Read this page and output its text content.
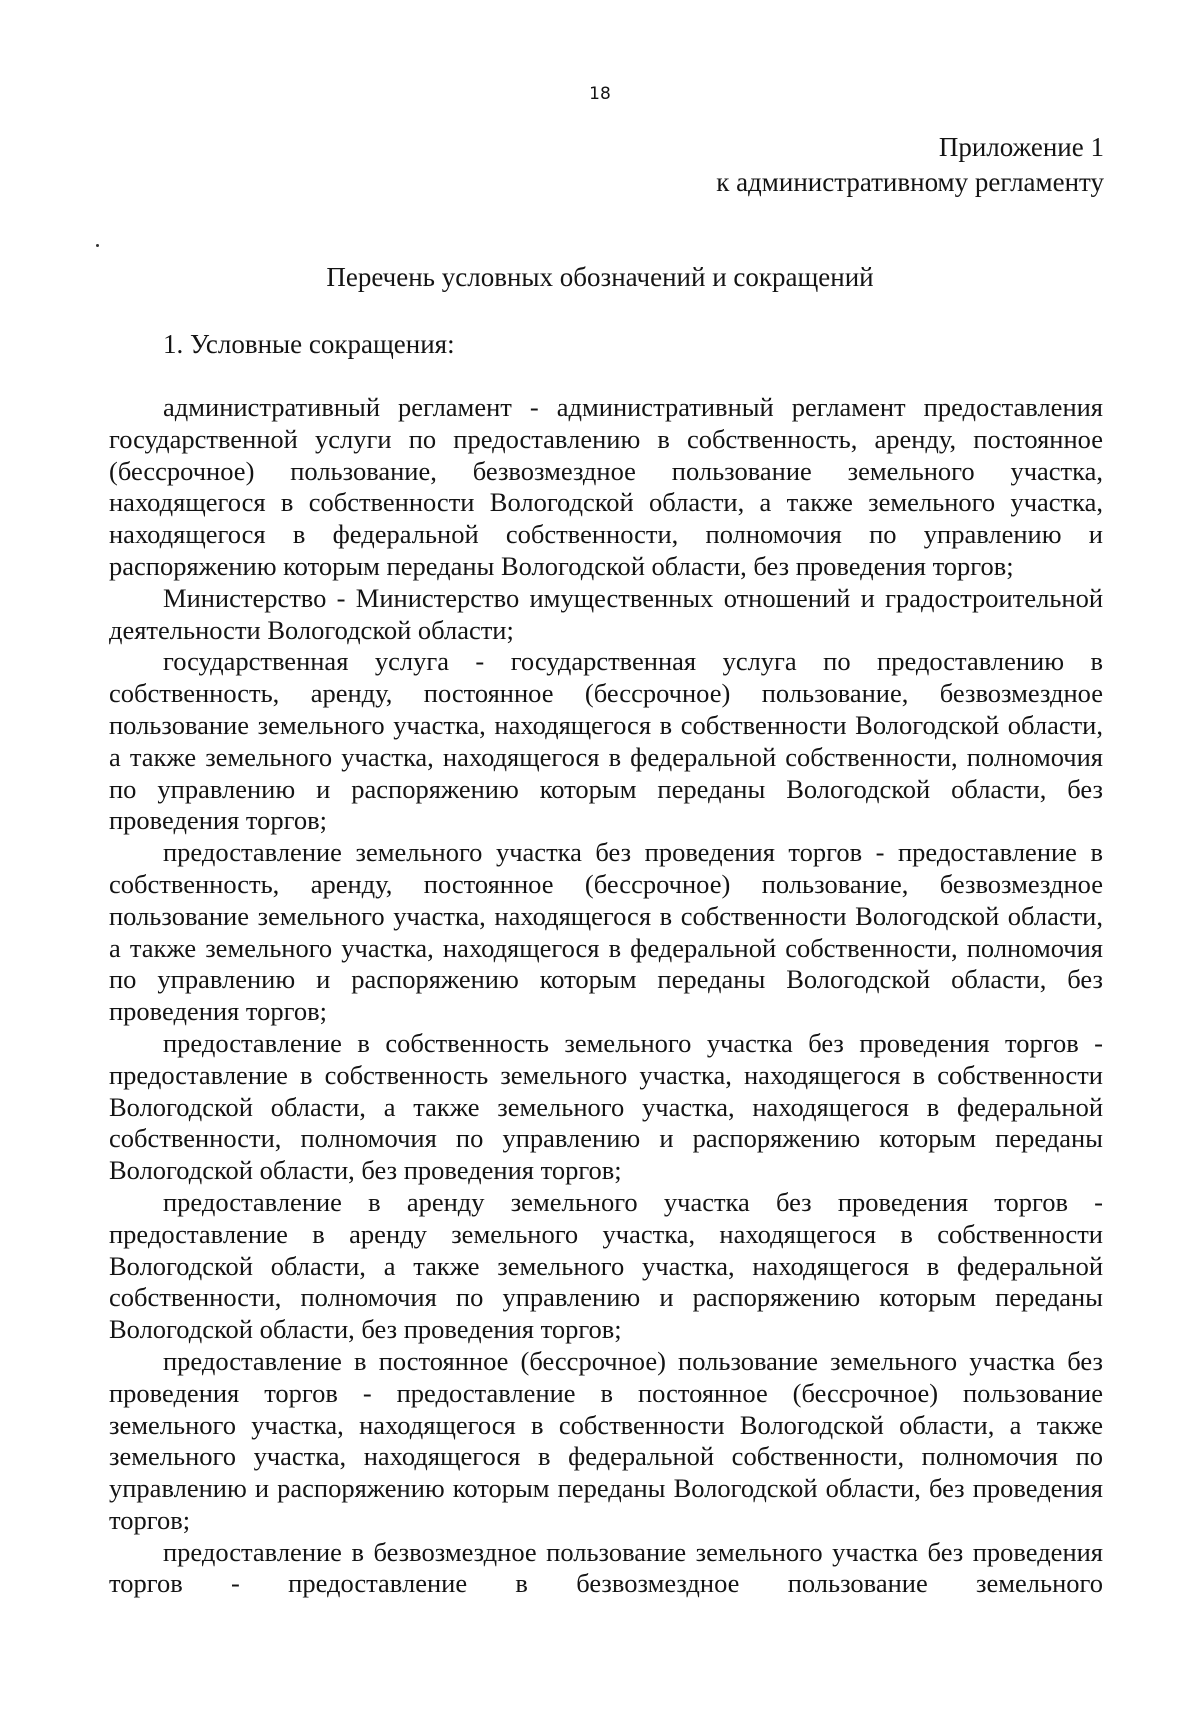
18
Приложение 1
к административному регламенту
Перечень условных обозначений и сокращений
1. Условные сокращения:

административный регламент - административный регламент предоставления государственной услуги по предоставлению в собственность, аренду, постоянное (бессрочное) пользование, безвозмездное пользование земельного участка, находящегося в собственности Вологодской области, а также земельного участка, находящегося в федеральной собственности, полномочия по управлению и распоряжению которым переданы Вологодской области, без проведения торгов;

Министерство - Министерство имущественных отношений и градостроительной деятельности Вологодской области;

государственная услуга - государственная услуга по предоставлению в собственность, аренду, постоянное (бессрочное) пользование, безвозмездное пользование земельного участка, находящегося в собственности Вологодской области, а также земельного участка, находящегося в федеральной собственности, полномочия по управлению и распоряжению которым переданы Вологодской области, без проведения торгов;

предоставление земельного участка без проведения торгов - предоставление в собственность, аренду, постоянное (бессрочное) пользование, безвозмездное пользование земельного участка, находящегося в собственности Вологодской области, а также земельного участка, находящегося в федеральной собственности, полномочия по управлению и распоряжению которым переданы Вологодской области, без проведения торгов;

предоставление в собственность земельного участка без проведения торгов - предоставление в собственность земельного участка, находящегося в собственности Вологодской области, а также земельного участка, находящегося в федеральной собственности, полномочия по управлению и распоряжению которым переданы Вологодской области, без проведения торгов;

предоставление в аренду земельного участка без проведения торгов - предоставление в аренду земельного участка, находящегося в собственности Вологодской области, а также земельного участка, находящегося в федеральной собственности, полномочия по управлению и распоряжению которым переданы Вологодской области, без проведения торгов;

предоставление в постоянное (бессрочное) пользование земельного участка без проведения торгов - предоставление в постоянное (бессрочное) пользование земельного участка, находящегося в собственности Вологодской области, а также земельного участка, находящегося в федеральной собственности, полномочия по управлению и распоряжению которым переданы Вологодской области, без проведения торгов;

предоставление в безвозмездное пользование земельного участка без проведения торгов - предоставление в безвозмездное пользование земельного
